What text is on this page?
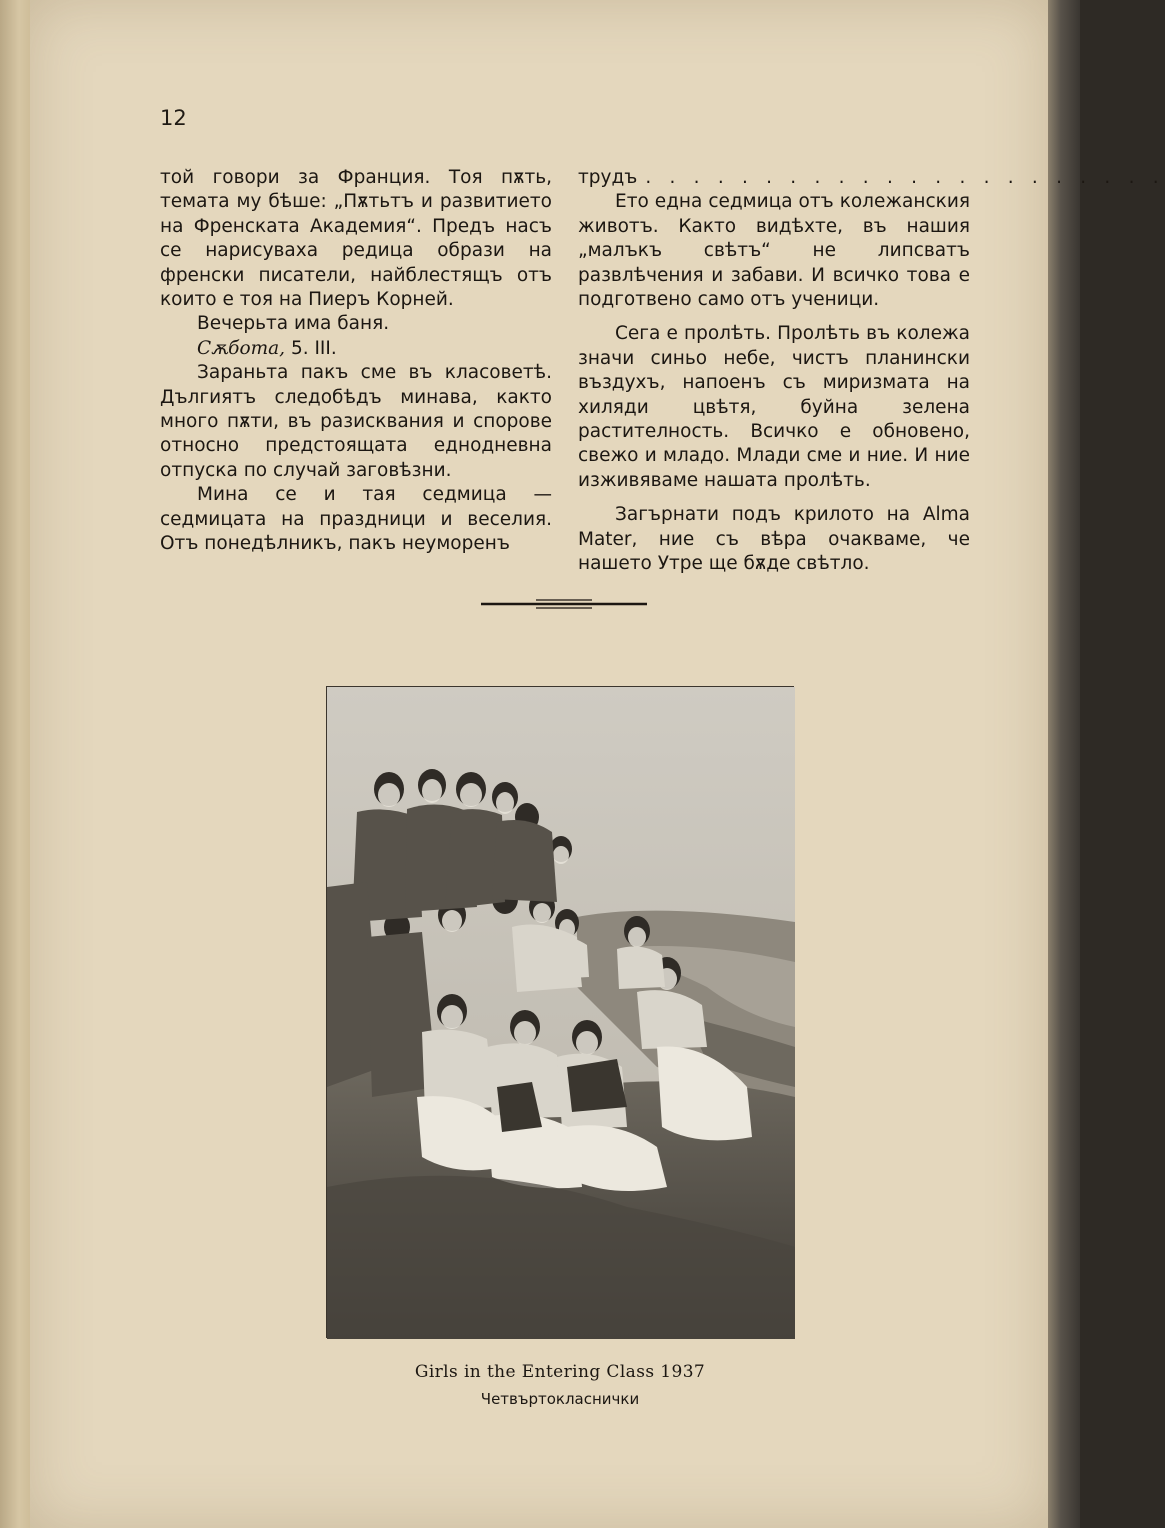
12

той говори за Франция. Тоя пѫть, темата му бѣше: „Пѫтьтъ и развитието на Френската Академия“. Предъ насъ се нарисуваха редица образи на френски писатели, найблестящъ отъ които е тоя на Пиеръ Корней.

Вечерьта има баня.

Сѫбота, 5. III.

Зараньта пакъ сме въ класоветѣ. Дългиятъ следобѣдъ минава, както много пѫти, въ разисквания и спорове относно предстоящата еднодневна отпуска по случай заговѣзни.

Мина се и тая седмица — седмицата на праздници и веселия. Отъ понедѣлникъ, пакъ неуморенъ

трудъ . . . . . . . . . . . . . . . . . . . . . .

Ето една седмица отъ колежанския животъ. Както видѣхте, въ нашия „малъкъ свѣтъ“ не липсватъ развлѣчения и забави. И всичко това е подготвено само отъ ученици.

Сега е пролѣть. Пролѣть въ колежа значи синьо небе, чистъ планински въздухъ, напоенъ съ миризмата на хиляди цвѣтя, буйна зелена растителность. Всичко е обновено, свежо и младо. Млади сме и ние. И ние изживяваме нашата пролѣть.

Загърнати подъ крилото на Alma Mater, ние съ вѣра очакваме, че нашето Утре ще бѫде свѣтло.

Girls in the Entering Class 1937

Четвъртокласнички
